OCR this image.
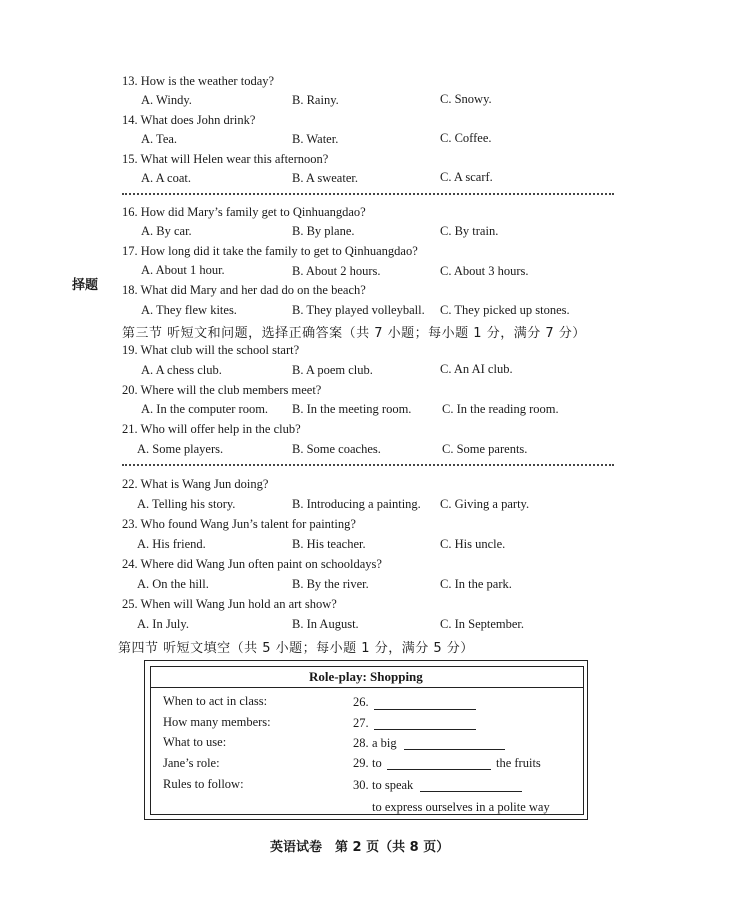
择题
13. How is the weather today?
A. Windy.	B. Rainy.	C. Snowy.
14. What does John drink?
A. Tea.	B. Water.	C. Coffee.
15. What will Helen wear this afternoon?
A. A coat.	B. A sweater.	C. A scarf.
16. How did Mary’s family get to Qinhuangdao?
A. By car.	B. By plane.	C. By train.
17. How long did it take the family to get to Qinhuangdao?
A. About 1 hour.	B. About 2 hours.	C. About 3 hours.
18. What did Mary and her dad do on the beach?
A. They flew kites.	B. They played volleyball. C. They picked up stones.
第三节 听短文和问题，选择正确答案（共 7 小题；每小题 1 分，满分 7 分）
19. What club will the school start?
A. A chess club.	B. A poem club.	C. An AI club.
20. Where will the club members meet?
A. In the computer room. B. In the meeting room. C. In the reading room.
21. Who will offer help in the club?
A. Some players.	B. Some coaches.	C. Some parents.
22. What is Wang Jun doing?
A. Telling his story.	B. Introducing a painting. C. Giving a party.
23. Who found Wang Jun’s talent for painting?
A. His friend.	B. His teacher.	C. His uncle.
24. Where did Wang Jun often paint on schooldays?
A. On the hill.	B. By the river.	C. In the park.
25. When will Wang Jun hold an art show?
A. In July.	B. In August.	C. In September.
第四节 听短文填空（共 5 小题；每小题 1 分，满分 5 分）
Role-play: Shopping
When to act in class:	26.
How many members:	27.
What to use:	28. a big
Jane’s role:	29. to	the fruits
Rules to follow:	30. to speak
to express ourselves in a polite way
英语试卷　第 2 页（共 8 页）
